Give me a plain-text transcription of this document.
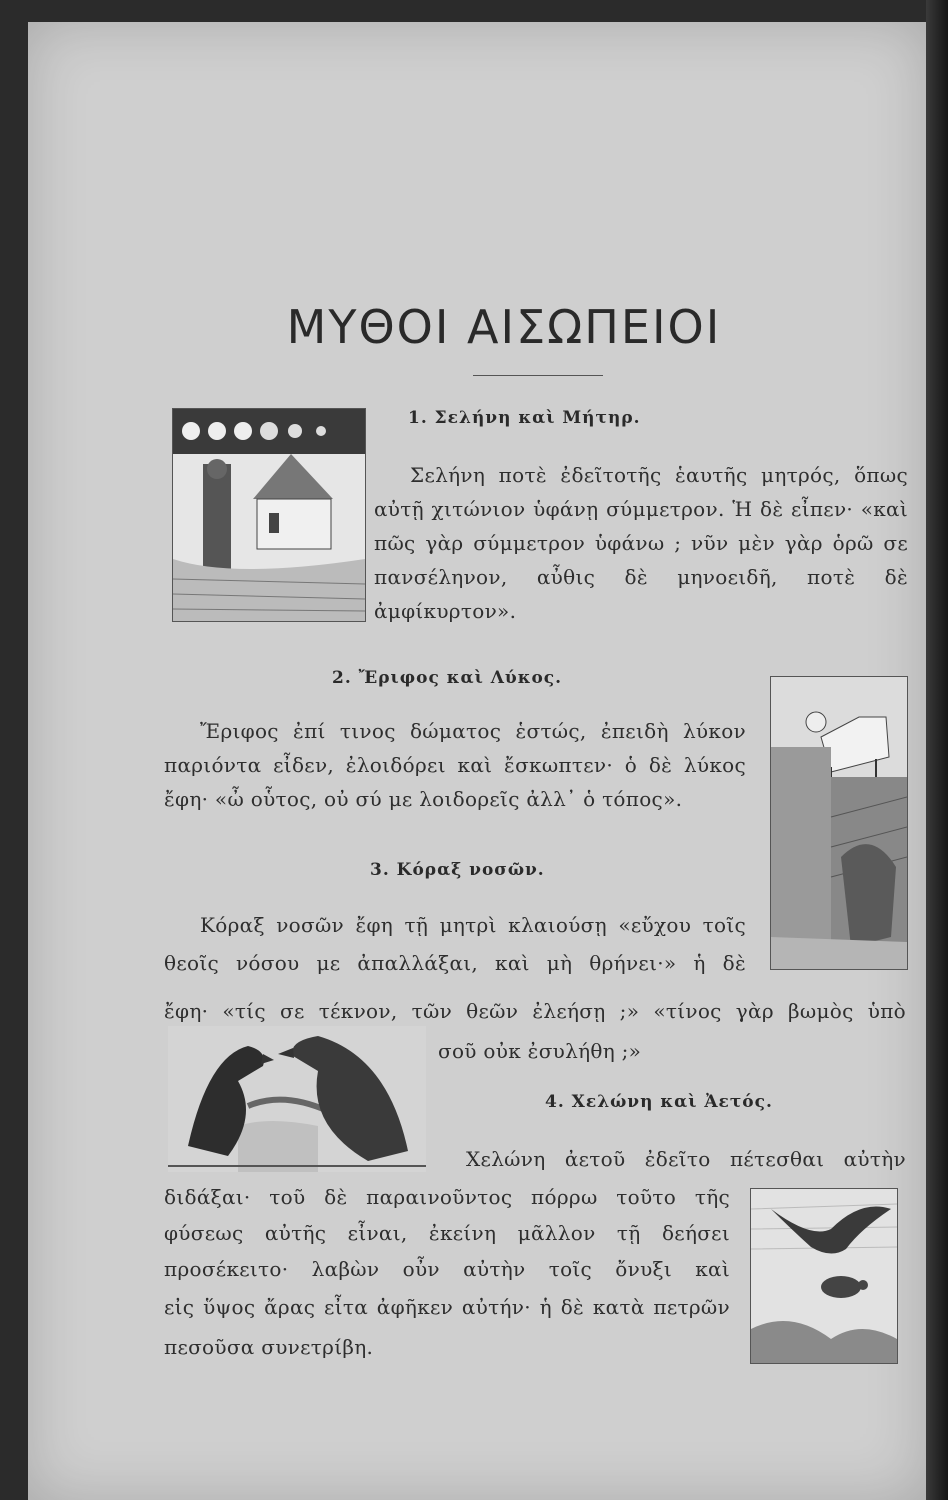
ΜΥΘΟΙ ΑΙΣΩΠΕΙΟΙ
1. Σελήνη καὶ Μήτηρ.

Σελήνη ποτὲ ἐδεῖτοτῆς ἑαυτῆς μητρός, ὅπως αὐτῇ χιτώνιον ὑφάνῃ σύμμετρον. Ἡ δὲ εἶπεν· «καὶ πῶς γὰρ σύμμετρον ὑφάνω ; νῦν μὲν γὰρ ὁρῶ σε πανσέληνον, αὖθις δὲ μηνοειδῆ, ποτὲ δὲ ἀμφίκυρτον».

2. Ἔριφος καὶ Λύκος.

Ἔριφος ἐπί τινος δώματος ἑστώς, ἐπειδὴ λύκον παριόντα εἶδεν, ἐλοιδόρει καὶ ἔσκωπτεν· ὁ δὲ λύκος ἔφη· «ὦ οὗτος, οὐ σύ με λοιδορεῖς ἀλλ᾽ ὁ τόπος».

3. Κόραξ νοσῶν.
Κόραξ νοσῶν ἔφη τῇ μητρὶ κλαιούσῃ «εὔχου τοῖς
θεοῖς νόσου με ἀπαλλάξαι, καὶ μὴ θρήνει·» ἡ δὲ
ἔφη· «τίς σε τέκνον, τῶν θεῶν ἐλεήσῃ ;» «τίνος γὰρ βωμὸς ὑπὸ
σοῦ οὐκ ἐσυλήθη ;»
4. Χελώνη καὶ Ἀετός.
Χελώνη ἀετοῦ ἐδεῖτο πέτεσθαι αὐτὴν
διδάξαι· τοῦ δὲ παραινοῦντος πόρρω τοῦτο τῆς
φύσεως αὐτῆς εἶναι, ἐκείνη μᾶλλον τῇ δεήσει
προσέκειτο· λαβὼν οὖν αὐτὴν τοῖς ὄνυξι καὶ
εἰς ὕψος ἄρας εἶτα ἀφῆκεν αὐτήν· ἡ δὲ κατὰ πετρῶν
πεσοῦσα συνετρίβη.
